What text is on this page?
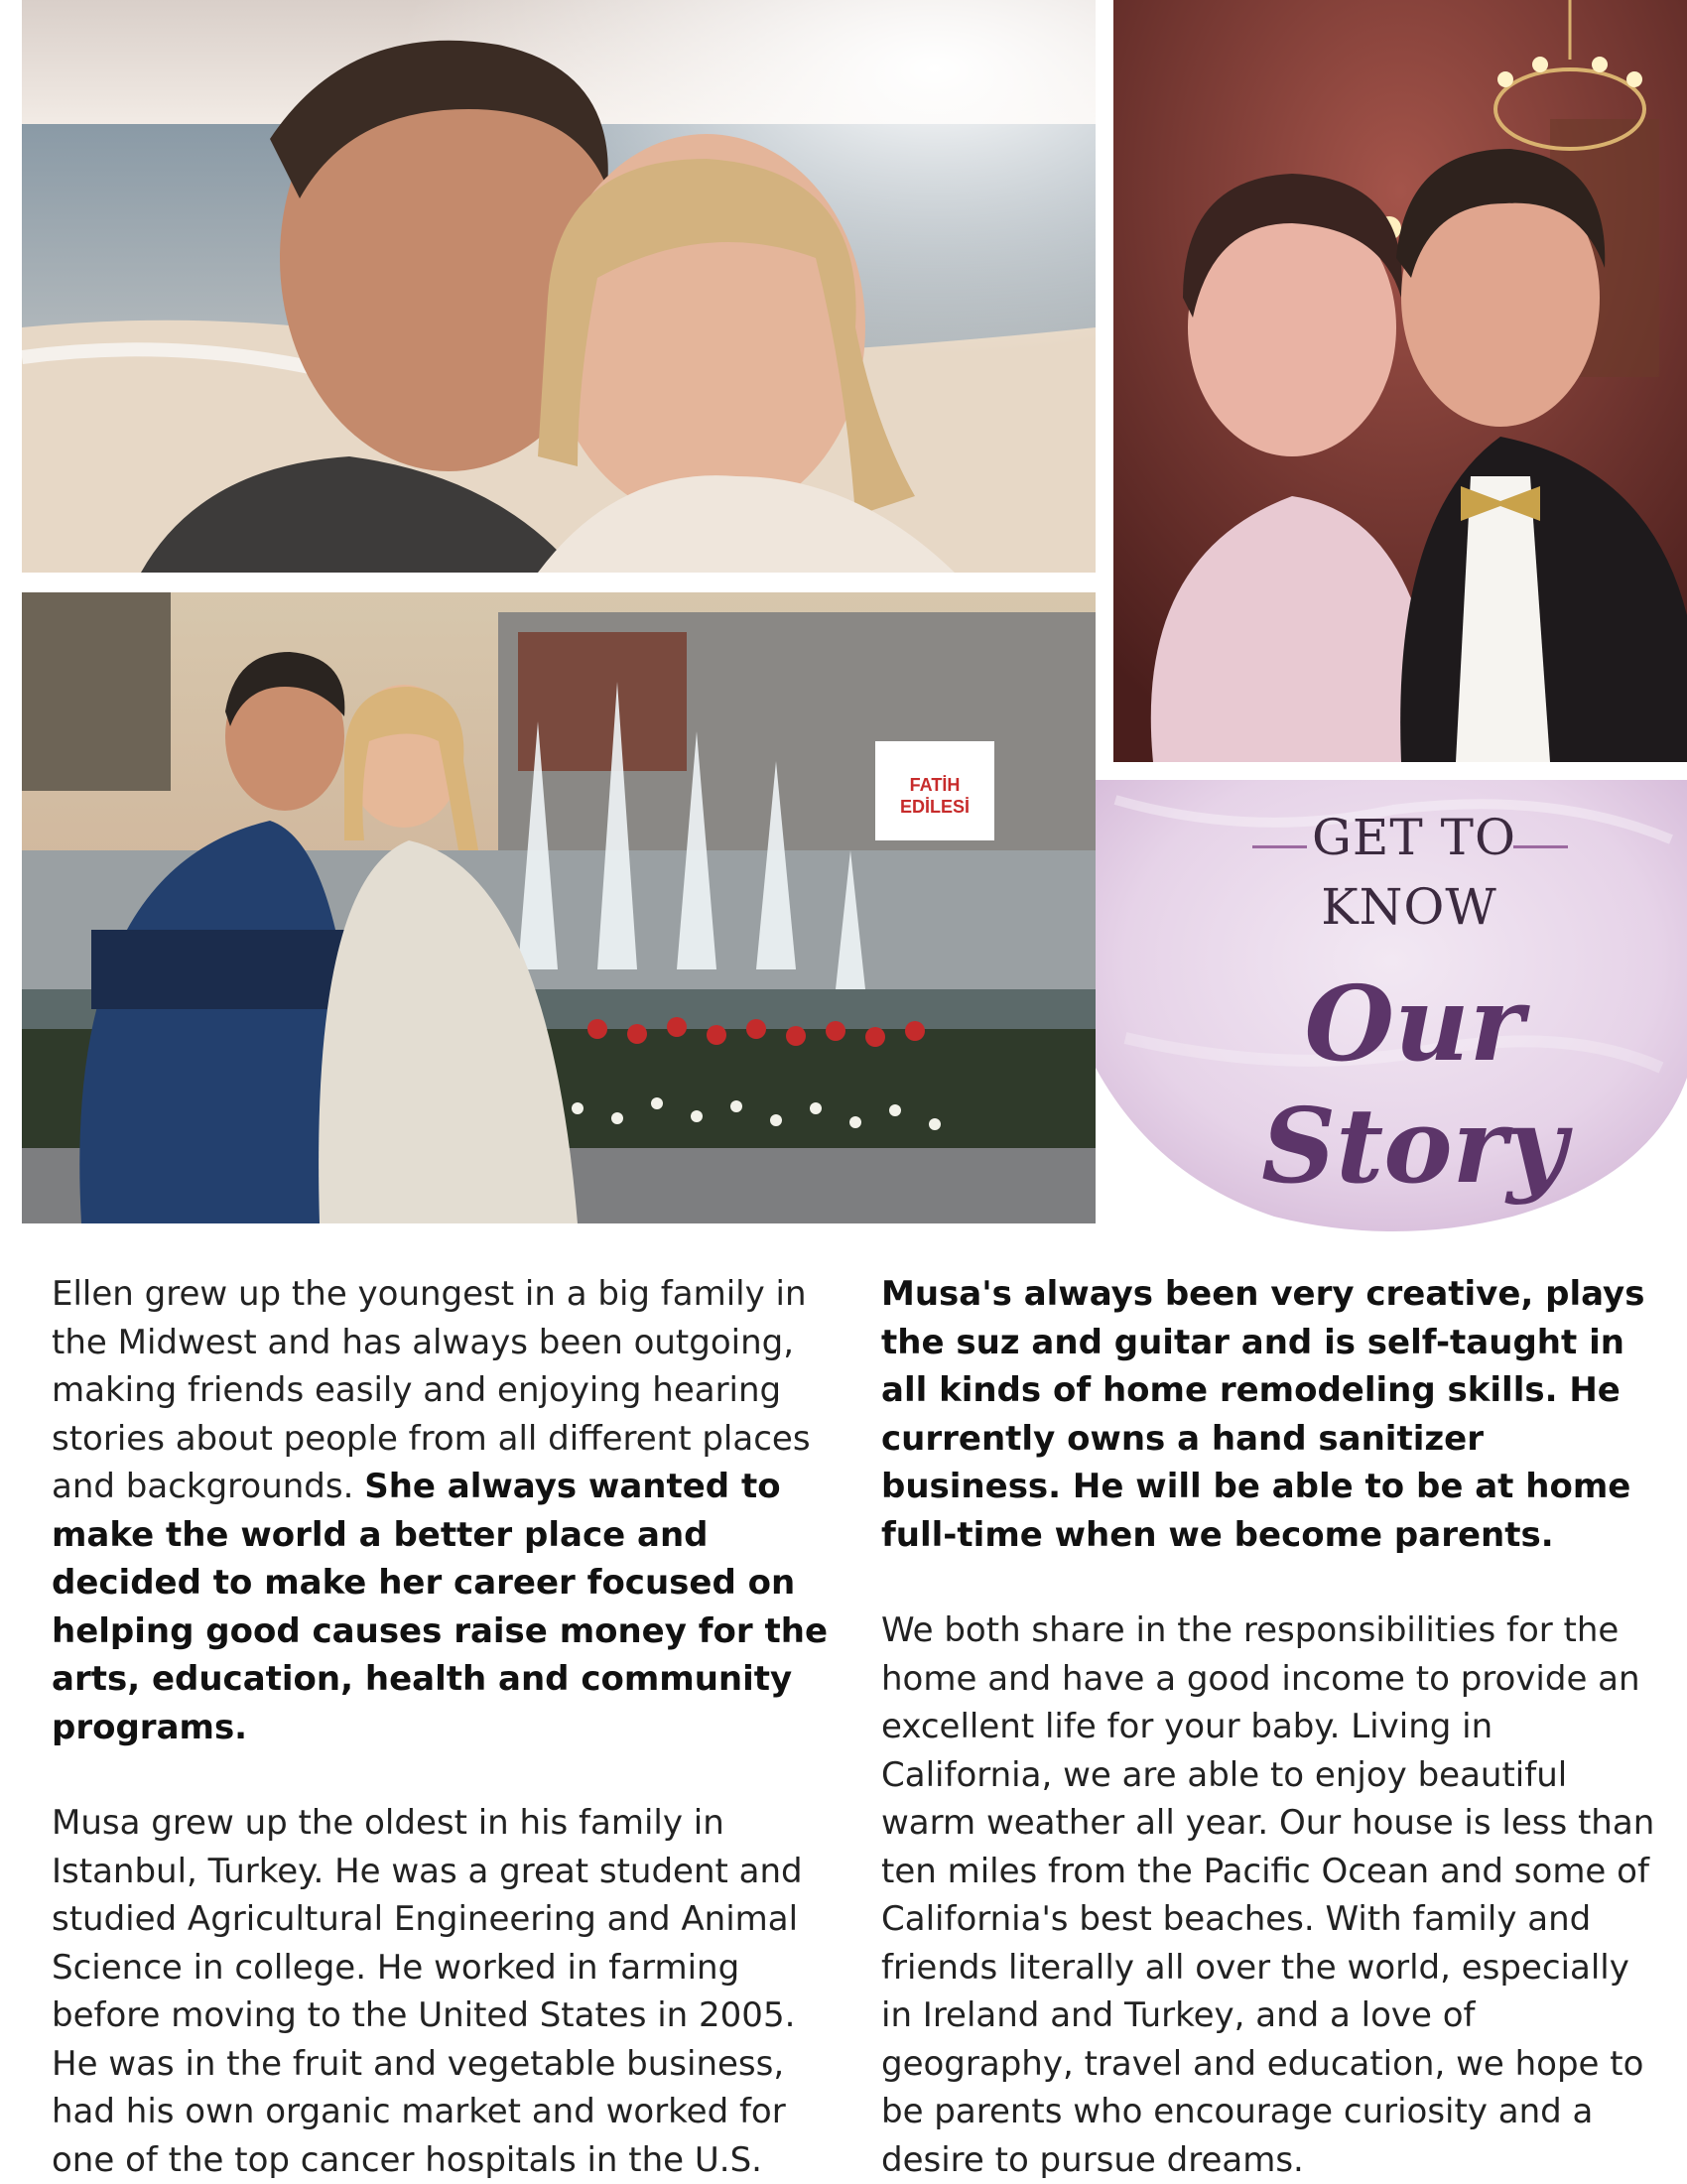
FATİH
EDİLESİ
GET TO
KNOW
Our Story

Ellen grew up the youngest in a big family in the Midwest and has always been outgoing, making friends easily and enjoying hearing stories about people from all different places and backgrounds. She always wanted to make the world a better place and decided to make her career focused on helping good causes raise money for the arts, education, health and community programs.

Musa grew up the oldest in his family in Istanbul, Turkey. He was a great student and studied Agricultural Engineering and Animal Science in college. He worked in farming before moving to the United States in 2005. He was in the fruit and vegetable business, had his own organic market and worked for one of the top cancer hospitals in the U.S.

Musa's always been very creative, plays the suz and guitar and is self-taught in all kinds of home remodeling skills. He currently owns a hand sanitizer business. He will be able to be at home full-time when we become parents.

We both share in the responsibilities for the home and have a good income to provide an excellent life for your baby. Living in California, we are able to enjoy beautiful warm weather all year. Our house is less than ten miles from the Pacific Ocean and some of California's best beaches. With family and friends literally all over the world, especially in Ireland and Turkey, and a love of geography, travel and education, we hope to be parents who encourage curiosity and a desire to pursue dreams.
